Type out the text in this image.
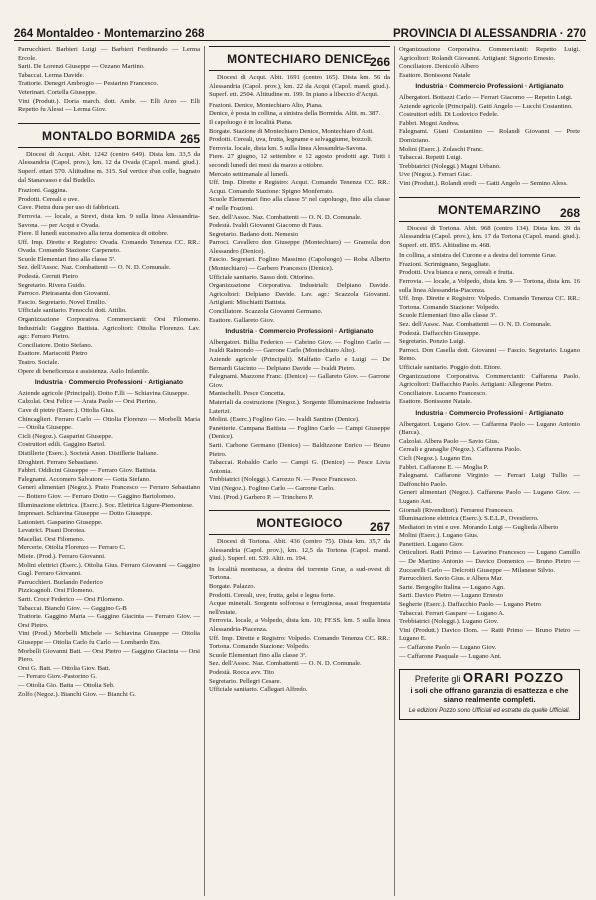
264 Montaldeo · Montemarzino 268	PROVINCIA DI ALESSANDRIA · 270

Parrucchieri. Barbieri Luigi — Barbieri Ferdinando — Lerma Ercole.

Sarti. De Lorenzi Giuseppe — Ozzano Martino.

Tabaccai. Lerma Davide.

Trattorie. Denegri Ambrogio — Pestarino Francesco.

Veterinari. Cortella Giuseppe.

Vini (Produtt.). Doria march. dott. Ambr. — Elli Arzo — Elli Repetto fu Alessi — Lerma Giov.

MONTALDO BORMIDA 265

Diocesi di Acqui. Abit. 1242 (centro 649). Dista km. 33,5 da Alessandria (Capol. prov.), km. 12 da Ovada (Capol. mand. giud.). Superf. ettari 570. Altitudine m. 315. Sul vertice d'un colle, bagnato dal Stanavasso e dal Budello.

Frazioni. Gaggina.

Prodotti. Cereali e uve.

Cave. Pietra dura per uso di fabbricati.

Ferrovia. — locale, a Strevi, dista km. 9 sulla linea Alessandria-Savona. — per Acqui e Ovada.

Fiere. Il lunedì successivo alla terza domenica di ottobre.

Uff. Imp. Dirette e Registro: Ovada. Comando Tenenza CC. RR.: Ovada. Comando Stazione: Carpeneto.

Scuole Elementari fino alla classe 5ª.

Sez. dell'Assoc. Naz. Combattenti — O. N. D. Comunale.

Podestà. Cerruti Pietro

Segretario. Rivera Guido.

Parroco. Pietrasanta don Giovanni.

Fascio. Segretario. Novel Emilio.

Ufficiale sanitario. Fenocchi dott. Attilio.

Organizzazione Corporativa. Commercianti: Orsi Filomeno. Industriali: Gaggino Battista. Agricoltori: Ottolia Florenzo. Lav. agr.: Ferraro Pietro.

Conciliatore. Dotto Stefano.

Esattore. Mariscotti Pietro

Teatro. Sociale.

Opere di beneficenza e assistenza. Asilo Infantile.

Industria · Commercio Professioni · Artigianato

Aziende agricole (Principali). Dotto F.lli — Schiavina Giuseppe.

Calzolai. Orsi Felice — Arata Paolo — Orsi Pierino.

Cave di pietre (Eserc.). Ottolia Gius.

Chincaglieri. Ferraro Carlo — Ottolia Florenzo — Morbelli Maria — Ottolia Giuseppe.

Cicli (Negoz.). Gasparini Giuseppe.

Costruttori edili. Gaggino Bartol.

Distillerie (Eserc.). Società Anon. Distillerie Italiane.

Droghieri. Ferraro Sebastiano.

Fabbri. Oddicini Giuseppe — Ferraro Giov. Battista.

Falegnami. Accomero Salvatore — Gotta Stefano.

Generi alimentari (Negoz.). Prato Francesco — Ferraro Sebastiano — Bottero Giov. — Ferraro Dotto — Gaggino Bartolomeo.

Illuminazione elettrica. (Eserc.). Soc. Elettrica Ligure-Piemontese.

Impresari. Schiavina Giuseppe — Dotto Giuseppe.

Lattonieri. Gasparino Giuseppe.

Levatrici. Pisani Dorotea.

Macellai. Orsi Filomeno.

Mercerie. Ottolia Florenzo — Ferraro C.

Mieie. (Prod.). Ferraro Giovanni.

Molini elettrici (Eserc.). Ottolia Gius. Ferraro Giovanni — Gaggino Gugl. Ferraro Giovanni.

Parrucchieri. Burlando Federico

Pizzicagnoli. Orsi Filomeno.

Sarti. Croce Federico — Orsi Filomeno.

Tabaccai. Bianchi Giov. — Gaggino G-B

Trattorie. Gaggino Maria — Gaggino Giacinta — Ferraro Giov. — Orsi Pietro.

Vini (Prod.) Morbelli Michele — Schiavina Giuseppe — Ottolia Giuseppe — Ottolia Carlo fu Carlo — Lombardo Em.

Morbelli Giovanni Batt. — Orsi Pietro — Gaggino Giacinta — Orsi Piero.

Orsi G. Batt. — Ottolia Giov. Batt.

— Ferraro Giov.-Pastorino G.

— Ottolia Gio. Batta — Ottolia Seb.

Zolfo (Negoz.). Bianchi Giov. — Bianchi G.

MONTECHIARO DENICE
266

Diocesi di Acqui. Abit. 1691 (centro 165). Dista km. 56 da Alessandria (Capol. prov.), km. 22 da Acqui (Capol. mand. giud.). Superf. ett. 2504. Altitudine m. 199. In piano a libeccio d'Acqui.

Frazioni. Denice, Montechiaro Alto, Piana.

Denice, è posta in collina, a sinistra della Bormida. Altit. m. 387.

Il capoluogo è in località Piana.

Borgate. Stazione di Montechiaro Denice, Montechiaro d'Asti.

Prodotti. Cereali, uva, frutta, legname e selvaggiume, bozzoli.

Ferrovia. locale, dista km. 5 sulla linea Alessandria-Savona.

Fiere. 27 giugno, 12 settembre e 12 agosto prodotti agr. Tutti i secondi lunedì dei mesi da marzo a ottobre.

Mercato settimanale al lunedì.

Uff. Imp. Dirette e Registro: Acqui. Comando Tenenza CC. RR.: Acqui. Comando Stazione: Spigno Monferrato.

Scuole Elementari fino alla classe 5ª nel capoluogo, fino alla classe 4ª nelle Frazioni.

Sez. dell'Assoc. Naz. Combattenti — O. N. D. Comunale.

Podestà. Ivaldi Giovanni Giacomo di Faus.

Segretario. Badano dott. Nemesio

Parroci. Cavallero don Giuseppe (Montechiaro) — Gramola don Alessandro (Denice).

Fascio. Segretari. Foglino Massimo (Capoluogo) — Roba Alberto (Montechiaro) — Garbero Francesco (Denice).

Ufficiale sanitario. Sasso dott. Ottorino.

Organizzazione Corporativa. Industriali: Delpiano Davide. Agricoltori: Delpiano Davide. Lav. agr.: Scazzola Giovanni. Artigiani: Mischiatti Battista.

Conciliatore. Scazzola Giovanni Germano.

Esattore. Gallareto Giov.

Industria · Commercio Professioni · Artigianato

Albergatori. Billia Federico — Cabrino Giov. — Foglino Carlo — Ivaldi Raimondo — Garrone Carlo (Montechiaro Alto).

Aziende agricole (Principali). Malfatto Carlo e Luigi — De Bernardi Giacinto — Delpiano Davide — Ivaldi Pietro.

Falegnami. Mazzone Franc. (Denice) — Gallareto Giov. — Garrone Giov.

Manischelli. Pesce Concetta.

Materiali da costruzione (Negoz.). Sorgente Illuminazione Industria Laterizi.

Molini. (Eserc.) Foglino Gio. — Ivaldi Santino (Denice).

Panetterie. Campana Battista — Foglino Carlo — Campi Giuseppe (Denice).

Sarti. Carbone Germano (Denice) — Baldizzone Enrico — Bruno Pietro.

Tabaccai. Robaldo Carlo — Campi G. (Denice) — Pesce Livia Antonia.

Trebbiatrici (Noleggi.). Carozzo N. — Pesce Francesco.

Vini (Negoz.). Foglino Carlo — Garrone Carlo.

Vini. (Prod.) Garbero P. — Trinchero P.

MONTEGIOCO	267

Diocesi di Tortona. Abit. 436 (centro 75). Dista km. 35,7 da Alessandria (Capol. prov.), km. 12,5 da Tortona (Capol. mand. giud.). Superf. ett. 539. Altit. m. 194.

In località montuosa, a destra del torrente Grue, a sud-ovest di Tortona.

Borgate. Palazzo.

Prodotti. Cereali, uve, frutta, gelsi e legna forte.

Acque minerali. Sorgente solforosa e ferruginosa, assai frequentata nell'estate.

Ferrovia. locale, a Volpedo, dista km. 10; FF.SS. km. 5 sulla linea Alessandria-Piacenza.

Uff. Imp. Dirette e Registro: Volpedo. Comando Tenenza CC. RR.: Tortona. Comando Stazione: Volpedo.

Scuole Elementari fino alla classe 3ª.

Sez. dell'Assoc. Naz. Combattenti — O. N. D. Comunale.

Podestà. Rocca avv. Tito

Segretario. Pellegri Cesare.

Ufficiale sanitario. Callegari Alfredo.

Organizzazione Corporativa. Commercianti: Repetto Luigi. Agricoltori: Rolandi Giovanni. Artigiani: Signorio Ernesto.

Conciliatore. Denicolò Albero

Esattore. Bonissone Natale

Industria · Commercio Professioni · Artigianato

Albergatori. Bottazzi Carlo — Ferrari Giacomo — Repetto Luigi.

Aziende agricole (Principali). Gatti Angelo — Lucchi Costantino.

Costruttori edili. Di Lodovico Fedele.

Fabbri. Mogni Andrea.

Falegnami. Giani Costantino — Rolandi Giovanni — Prete Domiziano.

Molini (Eserc.). Zolaschi Franc.

Tabaccai. Repetti Luigi.

Trebbiatrici (Noleggi.) Magni Urbano.

Uve (Negoz.). Ferrari Giac.

Vini (Produtt.). Rolandi eredi — Gatti Angelo — Semino Aless.

MONTEMARZINO	268

Diocesi di Tortona. Abit. 968 (centro 134). Dista km. 39 da Alessandria (Capol. prov.), km. 17 da Tortona (Capol. mand. giud.). Superf. ett. 855. Altitudine m. 468.

In collina, a sinistra del Curone e a destra del torrente Grue.

Frazioni. Scrimignano, Segagliate.

Prodotti. Uva bianca e nera, cereali e frutta.

Ferrovia. — locale, a Volpedo, dista km. 9 — Tortona, dista km. 16 sulla linea Alessandria-Piacenza.

Uff. Imp. Dirette e Registro: Volpedo. Comando Tenenza CC. RR.: Tortona. Comando Stazione: Volpedo.

Scuole Elementari fino alla classe 3ª.

Sez. dell'Assoc. Naz. Combattenti — O. N. D. Comunale.

Podestà. Daffacchio Giuseppe.

Segretario. Ponzio Luigi.

Parroci. Don Casella dott. Giovanni — Fascio. Segretario. Lugano Remo.

Ufficiale sanitario. Poggio dott. Ettore.

Organizzazione Corporativa. Commercianti: Caffarena Paolo. Agricoltori: Daffacchio Paolo. Artigiani: Allegrone Pietro.

Conciliatore. Lucarno Francesco.

Esattore. Bonissone Natale.

Industria · Commercio Professioni · Artigianato

Albergatori. Lugano Giov. — Caffarena Paolo — Lugano Antonio (Barca).

Calzolai. Albera Paolo — Savio Gius.

Cereali e granaglie (Negoz.). Caffarena Paolo.

Cicli (Negoz.). Lugano Em.

Fabbri. Caffarone E. — Moglia P.

Falegnami. Caffarone Virginio — Ferrari Luigi Tullio — Daffonchio Paolo.

Generi alimentari (Negoz.). Caffarena Paolo — Lugano Giov. — Lugano Ant.

Giornali (Rivenditori). Ferraresi Francesco.

Illuminazione elettrica (Eserc.). S.E.L.P., Ovestferro.

Mediatori in vini e uve. Morando Luigi — Guglieda Alberto

Molini (Eserc.). Lugano Gius.

Panettieri. Lugano Giov.

Orticultori. Ratti Primo — Lavarino Francesco — Lugano Camillo — De Martino Antonio — Davico Domenico — Bruno Pietro — Zuccarelli Carlo — Delcrotti Giuseppe — Milanese Silvio.

Parrucchieri. Savio Gius. e Albera Mar.

Sarte. Bergoglio Italina — Lugano Agn.

Sarti. Davico Pietro — Lugano Ernesto

Segherie (Eserc.). Daffacchio Paolo — Lugano Pietro

Tabaccai. Ferrari Gaspare — Lugano A.

Trebbiatrici (Noleggi.). Lugano Giov.

Vini (Produtt.) Davico Dom. — Ratti Primo — Bruno Pietro — Lugano E.

— Caffarone Paolo — Lugano Giov.

— Caffarone Pasquale — Lugano Ant.

Preferite gli ORARI POZZO
i soli che offrano garanzia di esattezza e che siano realmente completi.
Le edizioni Pozzo sono Ufficiali ed estratte da quelle Ufficiali.
